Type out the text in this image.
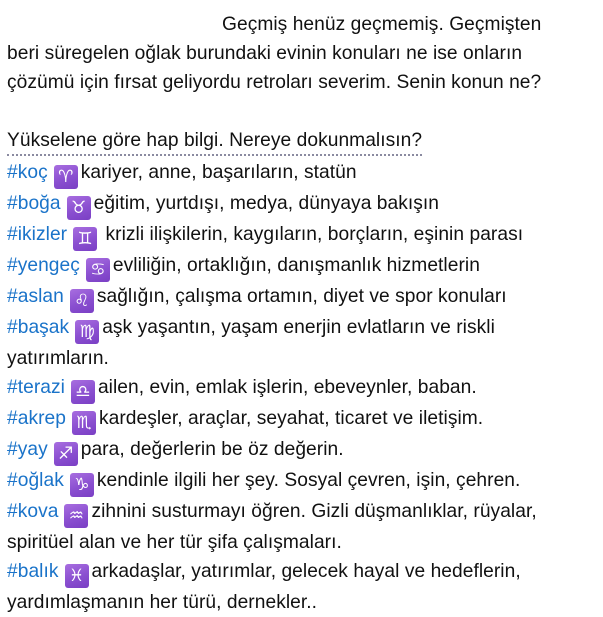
Geçmiş henüz geçmemiş. Geçmişten
beri süregelen oğlak burundaki evinin konuları ne ise onların
çözümü için fırsat geliyordu retroları severim. Senin konun ne?

Yükselene göre hap bilgi. Nereye dokunmalısın?
#koç ♈ kariyer, anne, başarıların, statün
#boğa ♉ eğitim, yurtdışı, medya, dünyaya bakışın
#ikizler ♊ krizli ilişkilerin, kaygıların, borçların, eşinin parası
#yengeç ♋ evliliğin, ortaklığın, danışmanlık hizmetlerin
#aslan ♌ sağlığın, çalışma ortamın, diyet ve spor konuları
#başak ♍ aşk yaşantın, yaşam enerjin evlatların ve riskli yatırımların.
#terazi ♎ ailen, evin, emlak işlerin, ebeveynler, baban.
#akrep ♏ kardeşler, araçlar, seyahat, ticaret ve iletişim.
#yay ♐ para, değerlerin be öz değerin.
#oğlak ♑ kendinle ilgili her şey. Sosyal çevren, işin, çehren.
#kova ♒ zihnini susturmayı öğren. Gizli düşmanlıklar, rüyalar, spiritüel alan ve her tür şifa çalışmaları.
#balık ♓ arkadaşlar, yatırımlar, gelecek hayal ve hedeflerin, yardımlaşmanın her türü, dernekler..
